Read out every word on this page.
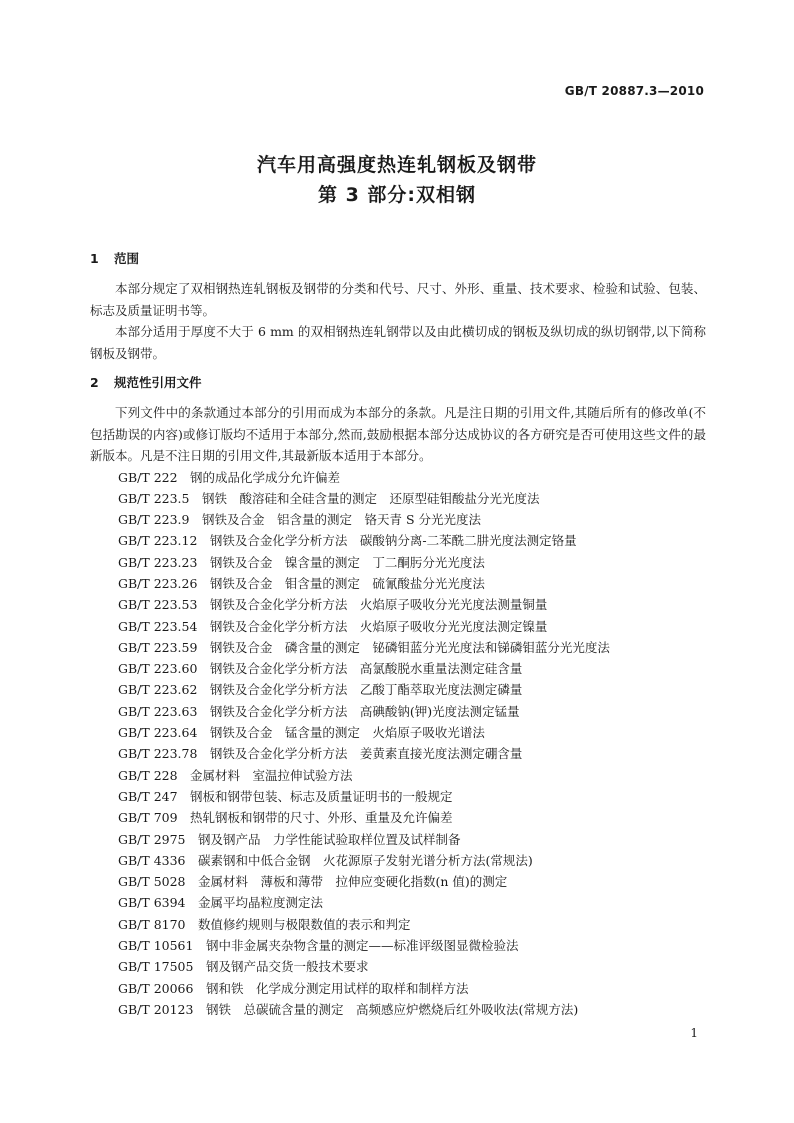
GB/T 20887.3—2010
汽车用高强度热连轧钢板及钢带
第 3 部分:双相钢
1 范围

本部分规定了双相钢热连轧钢板及钢带的分类和代号、尺寸、外形、重量、技术要求、检验和试验、包装、标志及质量证明书等。

本部分适用于厚度不大于 6 mm 的双相钢热连轧钢带以及由此横切成的钢板及纵切成的纵切钢带,以下简称钢板及钢带。

2 规范性引用文件

下列文件中的条款通过本部分的引用而成为本部分的条款。凡是注日期的引用文件,其随后所有的修改单(不包括勘误的内容)或修订版均不适用于本部分,然而,鼓励根据本部分达成协议的各方研究是否可使用这些文件的最新版本。凡是不注日期的引用文件,其最新版本适用于本部分。

GB/T 222　钢的成品化学成分允许偏差
GB/T 223.5　钢铁　酸溶硅和全硅含量的测定　还原型硅钼酸盐分光光度法
GB/T 223.9　钢铁及合金　铝含量的测定　铬天青 S 分光光度法
GB/T 223.12　钢铁及合金化学分析方法　碳酸钠分离-二苯酰二肼光度法测定铬量
GB/T 223.23　钢铁及合金　镍含量的测定　丁二酮肟分光光度法
GB/T 223.26　钢铁及合金　钼含量的测定　硫氰酸盐分光光度法
GB/T 223.53　钢铁及合金化学分析方法　火焰原子吸收分光光度法测量铜量
GB/T 223.54　钢铁及合金化学分析方法　火焰原子吸收分光光度法测定镍量
GB/T 223.59　钢铁及合金　磷含量的测定　铋磷钼蓝分光光度法和锑磷钼蓝分光光度法
GB/T 223.60　钢铁及合金化学分析方法　高氯酸脱水重量法测定硅含量
GB/T 223.62　钢铁及合金化学分析方法　乙酸丁酯萃取光度法测定磷量
GB/T 223.63　钢铁及合金化学分析方法　高碘酸钠(钾)光度法测定锰量
GB/T 223.64　钢铁及合金　锰含量的测定　火焰原子吸收光谱法
GB/T 223.78　钢铁及合金化学分析方法　姜黄素直接光度法测定硼含量
GB/T 228　金属材料　室温拉伸试验方法
GB/T 247　钢板和钢带包装、标志及质量证明书的一般规定
GB/T 709　热轧钢板和钢带的尺寸、外形、重量及允许偏差
GB/T 2975　钢及钢产品　力学性能试验取样位置及试样制备
GB/T 4336　碳素钢和中低合金钢　火花源原子发射光谱分析方法(常规法)
GB/T 5028　金属材料　薄板和薄带　拉伸应变硬化指数(n 值)的测定
GB/T 6394　金属平均晶粒度测定法
GB/T 8170　数值修约规则与极限数值的表示和判定
GB/T 10561　钢中非金属夹杂物含量的测定——标准评级图显微检验法
GB/T 17505　钢及钢产品交货一般技术要求
GB/T 20066　钢和铁　化学成分测定用试样的取样和制样方法
GB/T 20123　钢铁　总碳硫含量的测定　高频感应炉燃烧后红外吸收法(常规方法)
1
